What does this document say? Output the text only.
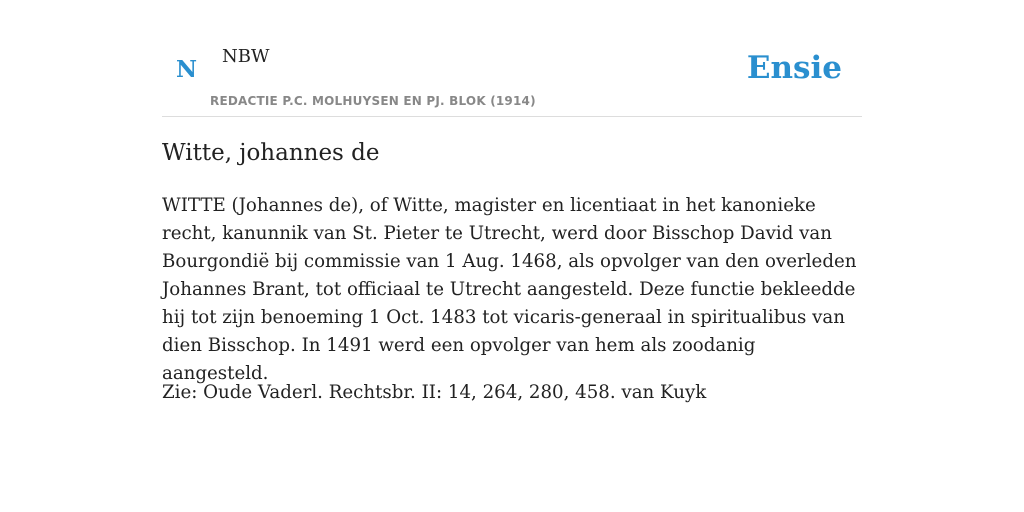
N NBW
REDACTIE P.C. MOLHUYSEN EN PJ. BLOK (1914)
Ensie
Witte, johannes de

WITTE (Johannes de), of Witte, magister en licentiaat in het kanonieke recht, kanunnik van St. Pieter te Utrecht, werd door Bisschop David van Bourgondië bij commissie van 1 Aug. 1468, als opvolger van den overleden Johannes Brant, tot officiaal te Utrecht aangesteld. Deze functie bekleedde hij tot zijn benoeming 1 Oct. 1483 tot vicaris-generaal in spiritualibus van dien Bisschop. In 1491 werd een opvolger van hem als zoodanig aangesteld.

Zie: Oude Vaderl. Rechtsbr. II: 14, 264, 280, 458. van Kuyk
